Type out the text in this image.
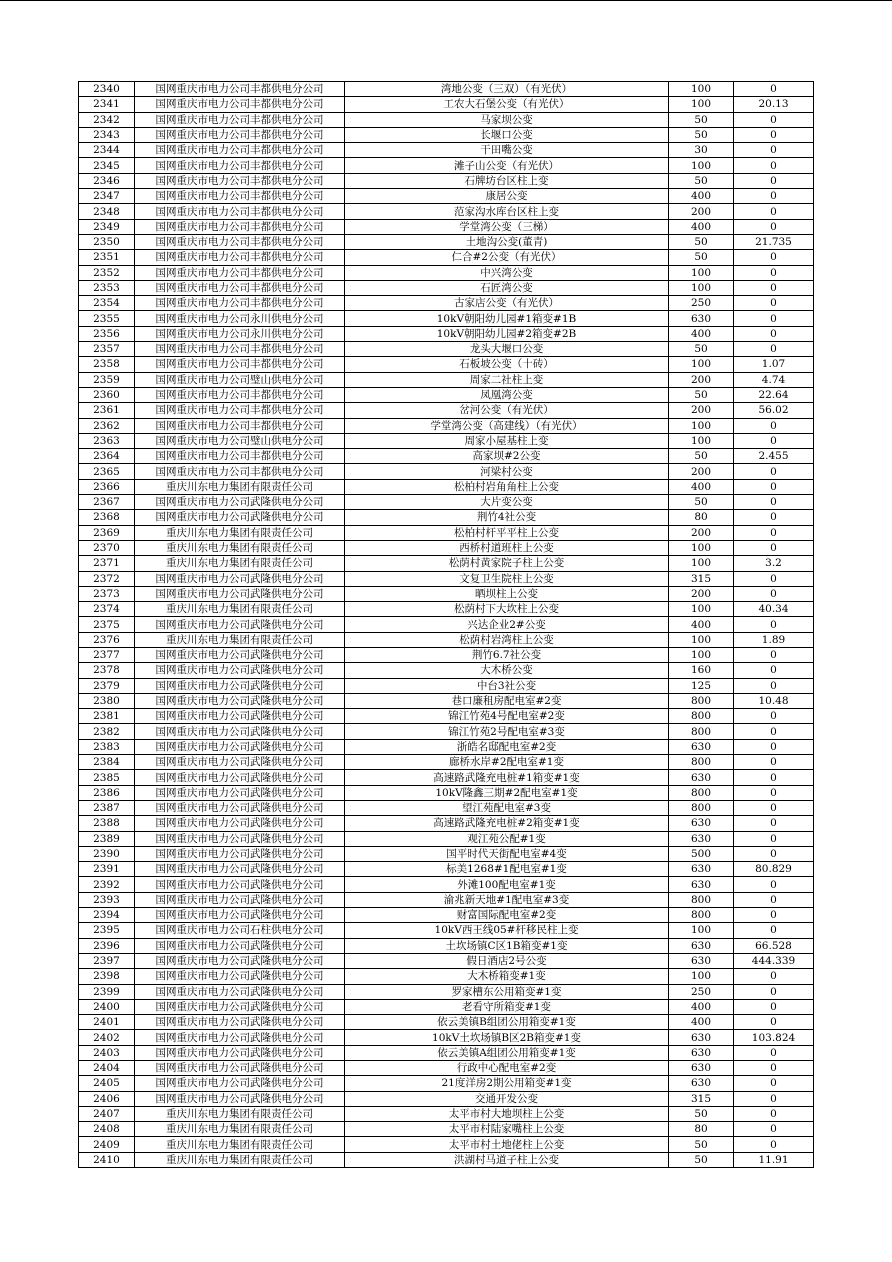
2340	国网重庆市电力公司丰都供电分公司	湾地公变（三双）（有光伏）	100	0
2341	国网重庆市电力公司丰都供电分公司	工农大石堡公变（有光伏）	100	20.13
2342	国网重庆市电力公司丰都供电分公司	马家坝公变	50	0
2343	国网重庆市电力公司丰都供电分公司	长堰口公变	50	0
2344	国网重庆市电力公司丰都供电分公司	干田嘴公变	30	0
2345	国网重庆市电力公司丰都供电分公司	滩子山公变（有光伏）	100	0
2346	国网重庆市电力公司丰都供电分公司	石牌坊台区柱上变	50	0
2347	国网重庆市电力公司丰都供电分公司	康居公变	400	0
2348	国网重庆市电力公司丰都供电分公司	范家沟水库台区柱上变	200	0
2349	国网重庆市电力公司丰都供电分公司	学堂湾公变（三梯）	400	0
2350	国网重庆市电力公司丰都供电分公司	土地沟公变(董青)	50	21.735
2351	国网重庆市电力公司丰都供电分公司	仁合#2公变（有光伏）	50	0
2352	国网重庆市电力公司丰都供电分公司	中兴湾公变	100	0
2353	国网重庆市电力公司丰都供电分公司	石匠湾公变	100	0
2354	国网重庆市电力公司丰都供电分公司	古家店公变（有光伏）	250	0
2355	国网重庆市电力公司永川供电分公司	10kV朝阳幼儿园#1箱变#1B	630	0
2356	国网重庆市电力公司永川供电分公司	10kV朝阳幼儿园#2箱变#2B	400	0
2357	国网重庆市电力公司丰都供电分公司	龙头大堰口公变	50	0
2358	国网重庆市电力公司丰都供电分公司	石板坡公变（十砖）	100	1.07
2359	国网重庆市电力公司璧山供电分公司	周家二社柱上变	200	4.74
2360	国网重庆市电力公司丰都供电分公司	凤凰湾公变	50	22.64
2361	国网重庆市电力公司丰都供电分公司	岔河公变（有光伏）	200	56.02
2362	国网重庆市电力公司丰都供电分公司	学堂湾公变（高建线）（有光伏）	100	0
2363	国网重庆市电力公司璧山供电分公司	周家小屋基柱上变	100	0
2364	国网重庆市电力公司丰都供电分公司	高家坝#2公变	50	2.455
2365	国网重庆市电力公司丰都供电分公司	河梁村公变	200	0
2366	重庆川东电力集团有限责任公司	松柏村岩角角柱上公变	400	0
2367	国网重庆市电力公司武隆供电分公司	大片变公变	50	0
2368	国网重庆市电力公司武隆供电分公司	荆竹4社公变	80	0
2369	重庆川东电力集团有限责任公司	松柏村杆平平柱上公变	200	0
2370	重庆川东电力集团有限责任公司	西桥村道班柱上公变	100	0
2371	重庆川东电力集团有限责任公司	松荫村黄家院子柱上公变	100	3.2
2372	国网重庆市电力公司武隆供电分公司	文复卫生院柱上公变	315	0
2373	国网重庆市电力公司武隆供电分公司	晒坝柱上公变	200	0
2374	重庆川东电力集团有限责任公司	松荫村下大坎柱上公变	100	40.34
2375	国网重庆市电力公司武隆供电分公司	兴达企业2#公变	400	0
2376	重庆川东电力集团有限责任公司	松荫村岩湾柱上公变	100	1.89
2377	国网重庆市电力公司武隆供电分公司	荆竹6.7社公变	100	0
2378	国网重庆市电力公司武隆供电分公司	大木桥公变	160	0
2379	国网重庆市电力公司武隆供电分公司	中台3社公变	125	0
2380	国网重庆市电力公司武隆供电分公司	巷口廉租房配电室#2变	800	10.48
2381	国网重庆市电力公司武隆供电分公司	锦江竹苑4号配电室#2变	800	0
2382	国网重庆市电力公司武隆供电分公司	锦江竹苑2号配电室#3变	800	0
2383	国网重庆市电力公司武隆供电分公司	浙皓名邸配电室#2变	630	0
2384	国网重庆市电力公司武隆供电分公司	廊桥水岸#2配电室#1变	800	0
2385	国网重庆市电力公司武隆供电分公司	高速路武隆充电桩#1箱变#1变	630	0
2386	国网重庆市电力公司武隆供电分公司	10kV隆鑫三期#2配电室#1变	800	0
2387	国网重庆市电力公司武隆供电分公司	望江苑配电室#3变	800	0
2388	国网重庆市电力公司武隆供电分公司	高速路武隆充电桩#2箱变#1变	630	0
2389	国网重庆市电力公司武隆供电分公司	观江苑公配#1变	630	0
2390	国网重庆市电力公司武隆供电分公司	国平时代天街配电室#4变	500	0
2391	国网重庆市电力公司武隆供电分公司	标美1268#1配电室#1变	630	80.829
2392	国网重庆市电力公司武隆供电分公司	外滩100配电室#1变	630	0
2393	国网重庆市电力公司武隆供电分公司	渝兆新天地#1配电室#3变	800	0
2394	国网重庆市电力公司武隆供电分公司	财富国际配电室#2变	800	0
2395	国网重庆市电力公司石柱供电分公司	10kV西王线05#杆移民柱上变	100	0
2396	国网重庆市电力公司武隆供电分公司	土坎场镇C区1B箱变#1变	630	66.528
2397	国网重庆市电力公司武隆供电分公司	假日酒店2号公变	630	444.339
2398	国网重庆市电力公司武隆供电分公司	大木桥箱变#1变	100	0
2399	国网重庆市电力公司武隆供电分公司	罗家槽东公用箱变#1变	250	0
2400	国网重庆市电力公司武隆供电分公司	老看守所箱变#1变	400	0
2401	国网重庆市电力公司武隆供电分公司	依云美镇B组团公用箱变#1变	400	0
2402	国网重庆市电力公司武隆供电分公司	10kV土坎场镇B区2B箱变#1变	630	103.824
2403	国网重庆市电力公司武隆供电分公司	依云美镇A组团公用箱变#1变	630	0
2404	国网重庆市电力公司武隆供电分公司	行政中心配电室#2变	630	0
2405	国网重庆市电力公司武隆供电分公司	21度洋房2期公用箱变#1变	630	0
2406	国网重庆市电力公司武隆供电分公司	交通开发公变	315	0
2407	重庆川东电力集团有限责任公司	太平市村大地坝柱上公变	50	0
2408	重庆川东电力集团有限责任公司	太平市村陆家嘴柱上公变	80	0
2409	重庆川东电力集团有限责任公司	太平市村土地佬柱上公变	50	0
2410	重庆川东电力集团有限责任公司	洪湖村马道子柱上公变	50	11.91
